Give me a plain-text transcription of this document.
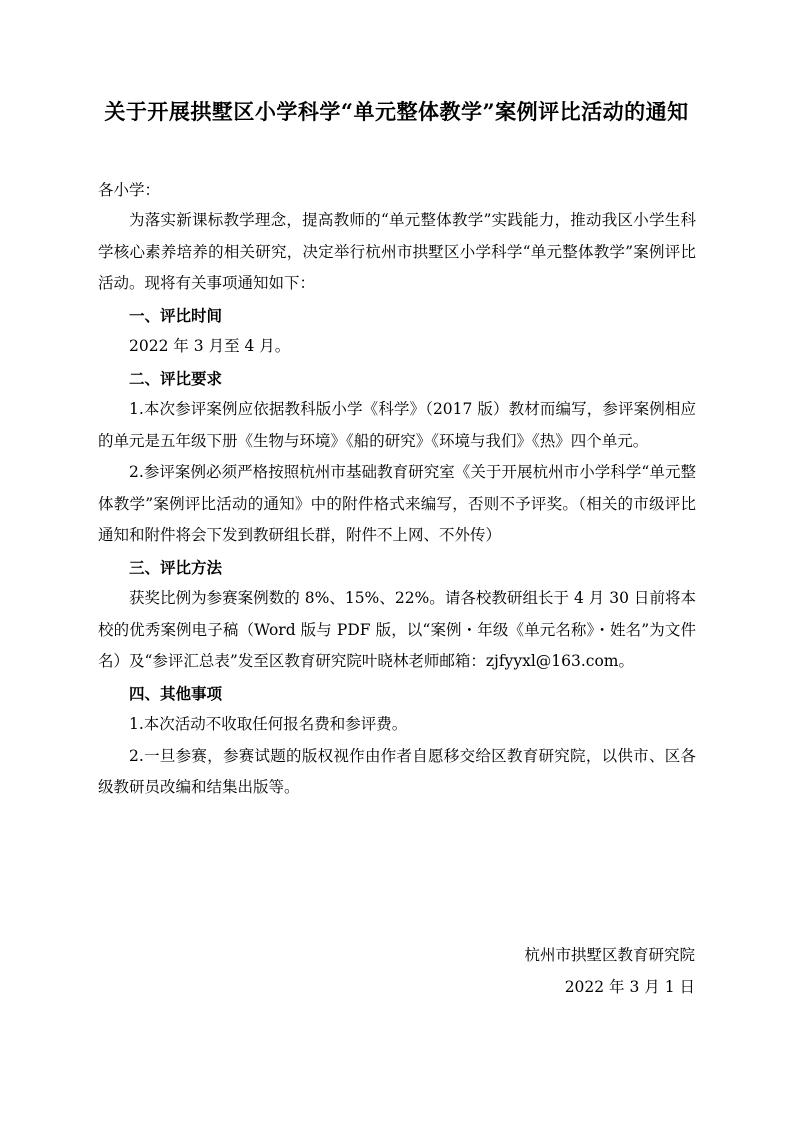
关于开展拱墅区小学科学“单元整体教学”案例评比活动的通知
各小学：

为落实新课标教学理念，提高教师的“单元整体教学”实践能力，推动我区小学生科学核心素养培养的相关研究，决定举行杭州市拱墅区小学科学“单元整体教学”案例评比活动。现将有关事项通知如下：

一、评比时间

2022 年 3 月至 4 月。

二、评比要求

1.本次参评案例应依据教科版小学《科学》（2017 版）教材而编写，参评案例相应的单元是五年级下册《生物与环境》《船的研究》《环境与我们》《热》四个单元。

2.参评案例必须严格按照杭州市基础教育研究室《关于开展杭州市小学科学“单元整体教学”案例评比活动的通知》中的附件格式来编写，否则不予评奖。（相关的市级评比通知和附件将会下发到教研组长群，附件不上网、不外传）

三、评比方法

获奖比例为参赛案例数的 8%、15%、22%。请各校教研组长于 4 月 30 日前将本校的优秀案例电子稿（Word 版与 PDF 版，以“案例・年级《单元名称》・姓名”为文件名）及“参评汇总表”发至区教育研究院叶晓林老师邮箱：zjfyyxl@163.com。

四、其他事项

1.本次活动不收取任何报名费和参评费。

2.一旦参赛，参赛试题的版权视作由作者自愿移交给区教育研究院，以供市、区各级教研员改编和结集出版等。

杭州市拱墅区教育研究院
2022 年 3 月 1 日
